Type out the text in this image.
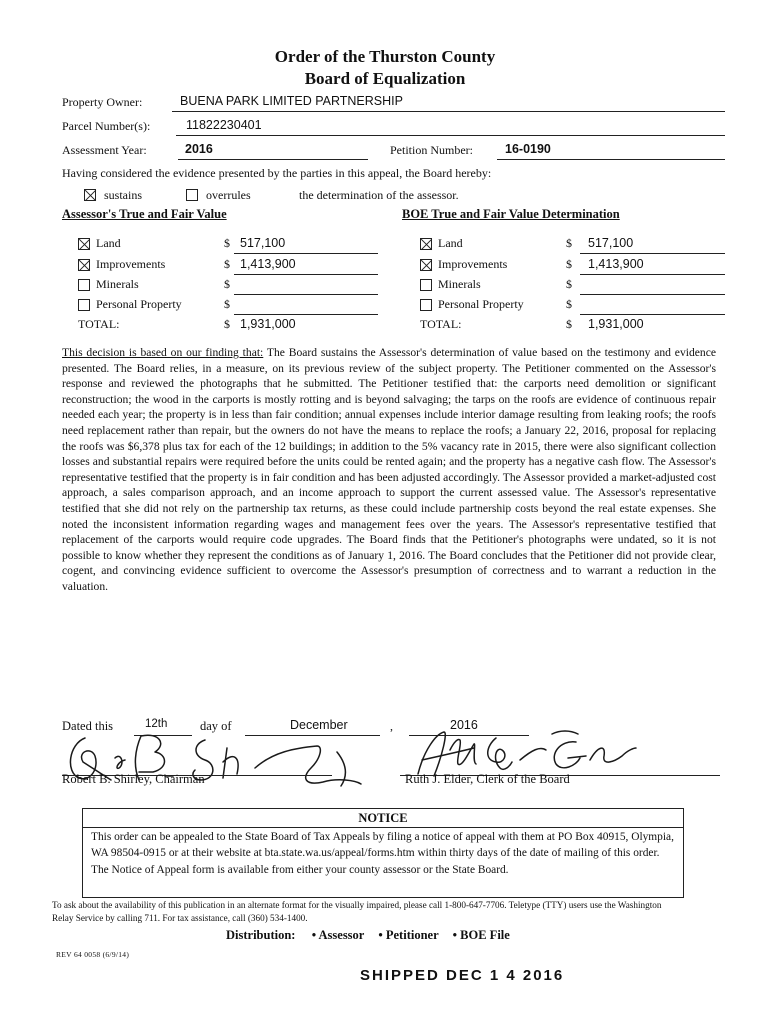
Order of the Thurston County
Board of Equalization
Property Owner:	BUENA PARK LIMITED PARTNERSHIP
Parcel Number(s):	11822230401
Assessment Year:	2016	Petition Number:	16-0190
Having considered the evidence presented by the parties in this appeal, the Board hereby:
sustains	overrules	the determination of the assessor.
Assessor's True and Fair Value	BOE True and Fair Value Determination
Land	$ 517,100
Improvements	$ 1,413,900
Minerals	$
Personal Property	$
TOTAL:	$ 1,931,000
Land	$ 517,100
Improvements	$ 1,413,900
Minerals	$
Personal Property	$
TOTAL:	$ 1,931,000
This decision is based on our finding that: The Board sustains the Assessor's determination of value based on the testimony and evidence presented. The Board relies, in a measure, on its previous review of the subject property. The Petitioner commented on the Assessor's response and reviewed the photographs that he submitted. The Petitioner testified that: the carports need demolition or significant reconstruction; the wood in the carports is mostly rotting and is beyond salvaging; the tarps on the roofs are evidence of continuous repair needed each year; the property is in less than fair condition; annual expenses include interior damage resulting from leaking roofs; the roofs need replacement rather than repair, but the owners do not have the means to replace the roofs; a January 22, 2016, proposal for replacing the roofs was $6,378 plus tax for each of the 12 buildings; in addition to the 5% vacancy rate in 2015, there were also significant collection losses and substantial repairs were required before the units could be rented again; and the property has a negative cash flow. The Assessor's representative testified that the property is in fair condition and has been adjusted accordingly. The Assessor provided a market-adjusted cost approach, a sales comparison approach, and an income approach to support the current assessed value. The Assessor's representative testified that she did not rely on the partnership tax returns, as these could include partnership costs beyond the real estate expenses. She noted the inconsistent information regarding wages and management fees over the years. The Assessor's representative testified that replacement of the carports would require code upgrades. The Board finds that the Petitioner's photographs were undated, so it is not possible to know whether they represent the conditions as of January 1, 2016. The Board concludes that the Petitioner did not provide clear, cogent, and convincing evidence sufficient to overcome the Assessor's presumption of correctness and to warrant a reduction in the valuation.
Dated this	12th	day of	December	,	2016
Robert B. Shirley, Chairman	Ruth J. Elder, Clerk of the Board
NOTICE
This order can be appealed to the State Board of Tax Appeals by filing a notice of appeal with them at PO Box 40915, Olympia, WA 98504-0915 or at their website at bta.state.wa.us/appeal/forms.htm within thirty days of the date of mailing of this order. The Notice of Appeal form is available from either your county assessor or the State Board.
To ask about the availability of this publication in an alternate format for the visually impaired, please call 1-800-647-7706. Teletype (TTY) users use the Washington Relay Service by calling 711. For tax assistance, call (360) 534-1400.
Distribution: • Assessor • Petitioner • BOE File
REV 64 0058 (6/9/14)
SHIPPED DEC 1 4 2016
